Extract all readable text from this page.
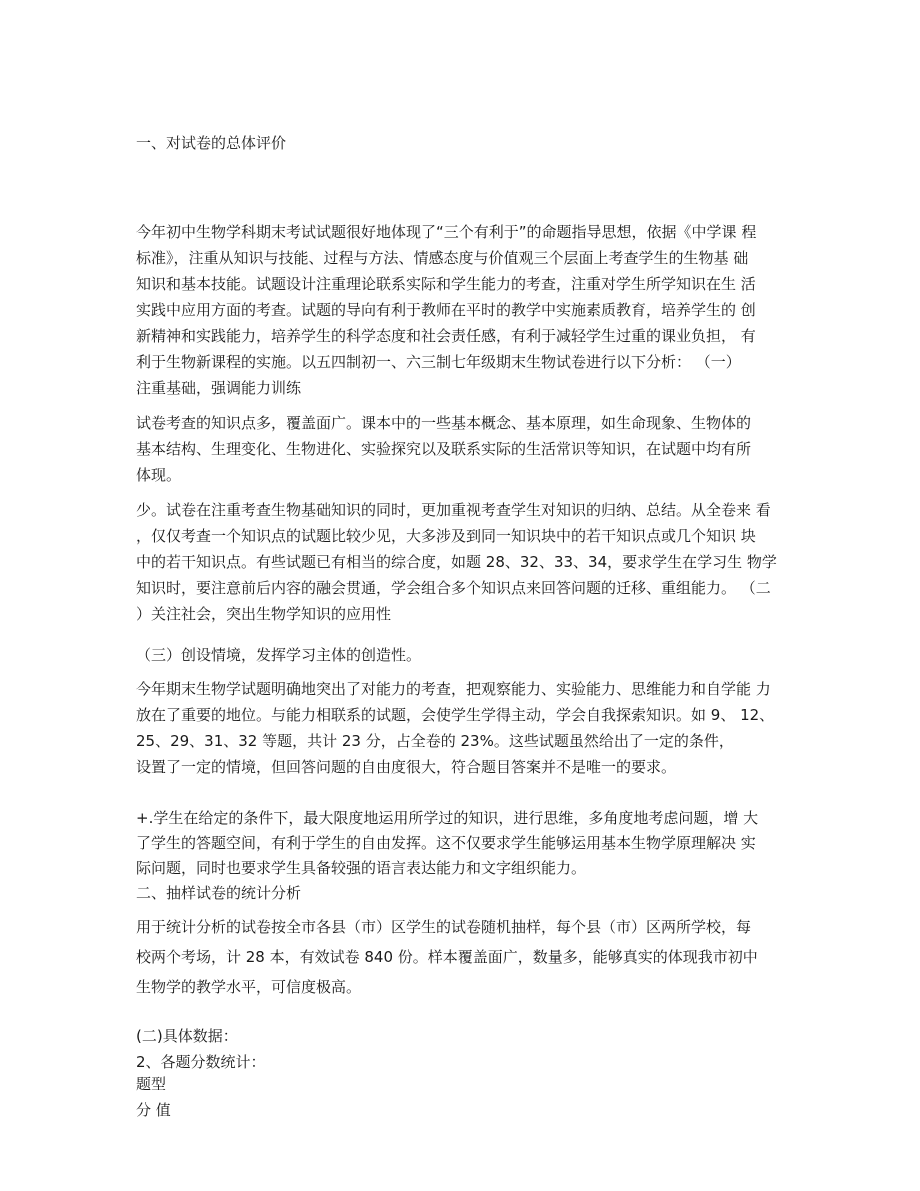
一、对试卷的总体评价

今年初中生物学科期末考试试题很好地体现了“三个有利于”的命题指导思想，依据《中学课 程
标准》，注重从知识与技能、过程与方法、情感态度与价值观三个层面上考查学生的生物基 础
知识和基本技能。试题设计注重理论联系实际和学生能力的考查，注重对学生所学知识在生 活
实践中应用方面的考查。试题的导向有利于教师在平时的教学中实施素质教育，培养学生的 创
新精神和实践能力，培养学生的科学态度和社会责任感，有利于减轻学生过重的课业负担， 有
利于生物新课程的实施。以五四制初一、六三制七年级期末生物试卷进行以下分析： （一）
注重基础，强调能力训练

试卷考查的知识点多，覆盖面广。课本中的一些基本概念、基本原理，如生命现象、生物体的
基本结构、生理变化、生物进化、实验探究以及联系实际的生活常识等知识，在试题中均有所
体现。

少。试卷在注重考查生物基础知识的同时，更加重视考查学生对知识的归纳、总结。从全卷来 看
，仅仅考查一个知识点的试题比较少见，大多涉及到同一知识块中的若干知识点或几个知识 块
中的若干知识点。有些试题已有相当的综合度，如题 28、32、33、34，要求学生在学习生 物学
知识时，要注意前后内容的融会贯通，学会组合多个知识点来回答问题的迁移、重组能力。 （二
）关注社会，突出生物学知识的应用性

（三）创设情境，发挥学习主体的创造性。

今年期末生物学试题明确地突出了对能力的考查，把观察能力、实验能力、思维能力和自学能 力
放在了重要的地位。与能力相联系的试题，会使学生学得主动，学会自我探索知识。如 9、 12、
25、29、31、32 等题，共计 23 分，占全卷的 23%。这些试题虽然给出了一定的条件，
设置了一定的情境，但回答问题的自由度很大，符合题目答案并不是唯一的要求。

+.学生在给定的条件下，最大限度地运用所学过的知识，进行思维，多角度地考虑问题，增 大
了学生的答题空间，有利于学生的自由发挥。这不仅要求学生能够运用基本生物学原理解决 实
际问题，同时也要求学生具备较强的语言表达能力和文字组织能力。

二、抽样试卷的统计分析

用于统计分析的试卷按全市各县（市）区学生的试卷随机抽样，每个县（市）区两所学校，每
校两个考场，计 28 本，有效试卷 840 份。样本覆盖面广，数量多，能够真实的体现我市初中
生物学的教学水平，可信度极高。

(二)具体数据：

2、各题分数统计：

题型

分 值
